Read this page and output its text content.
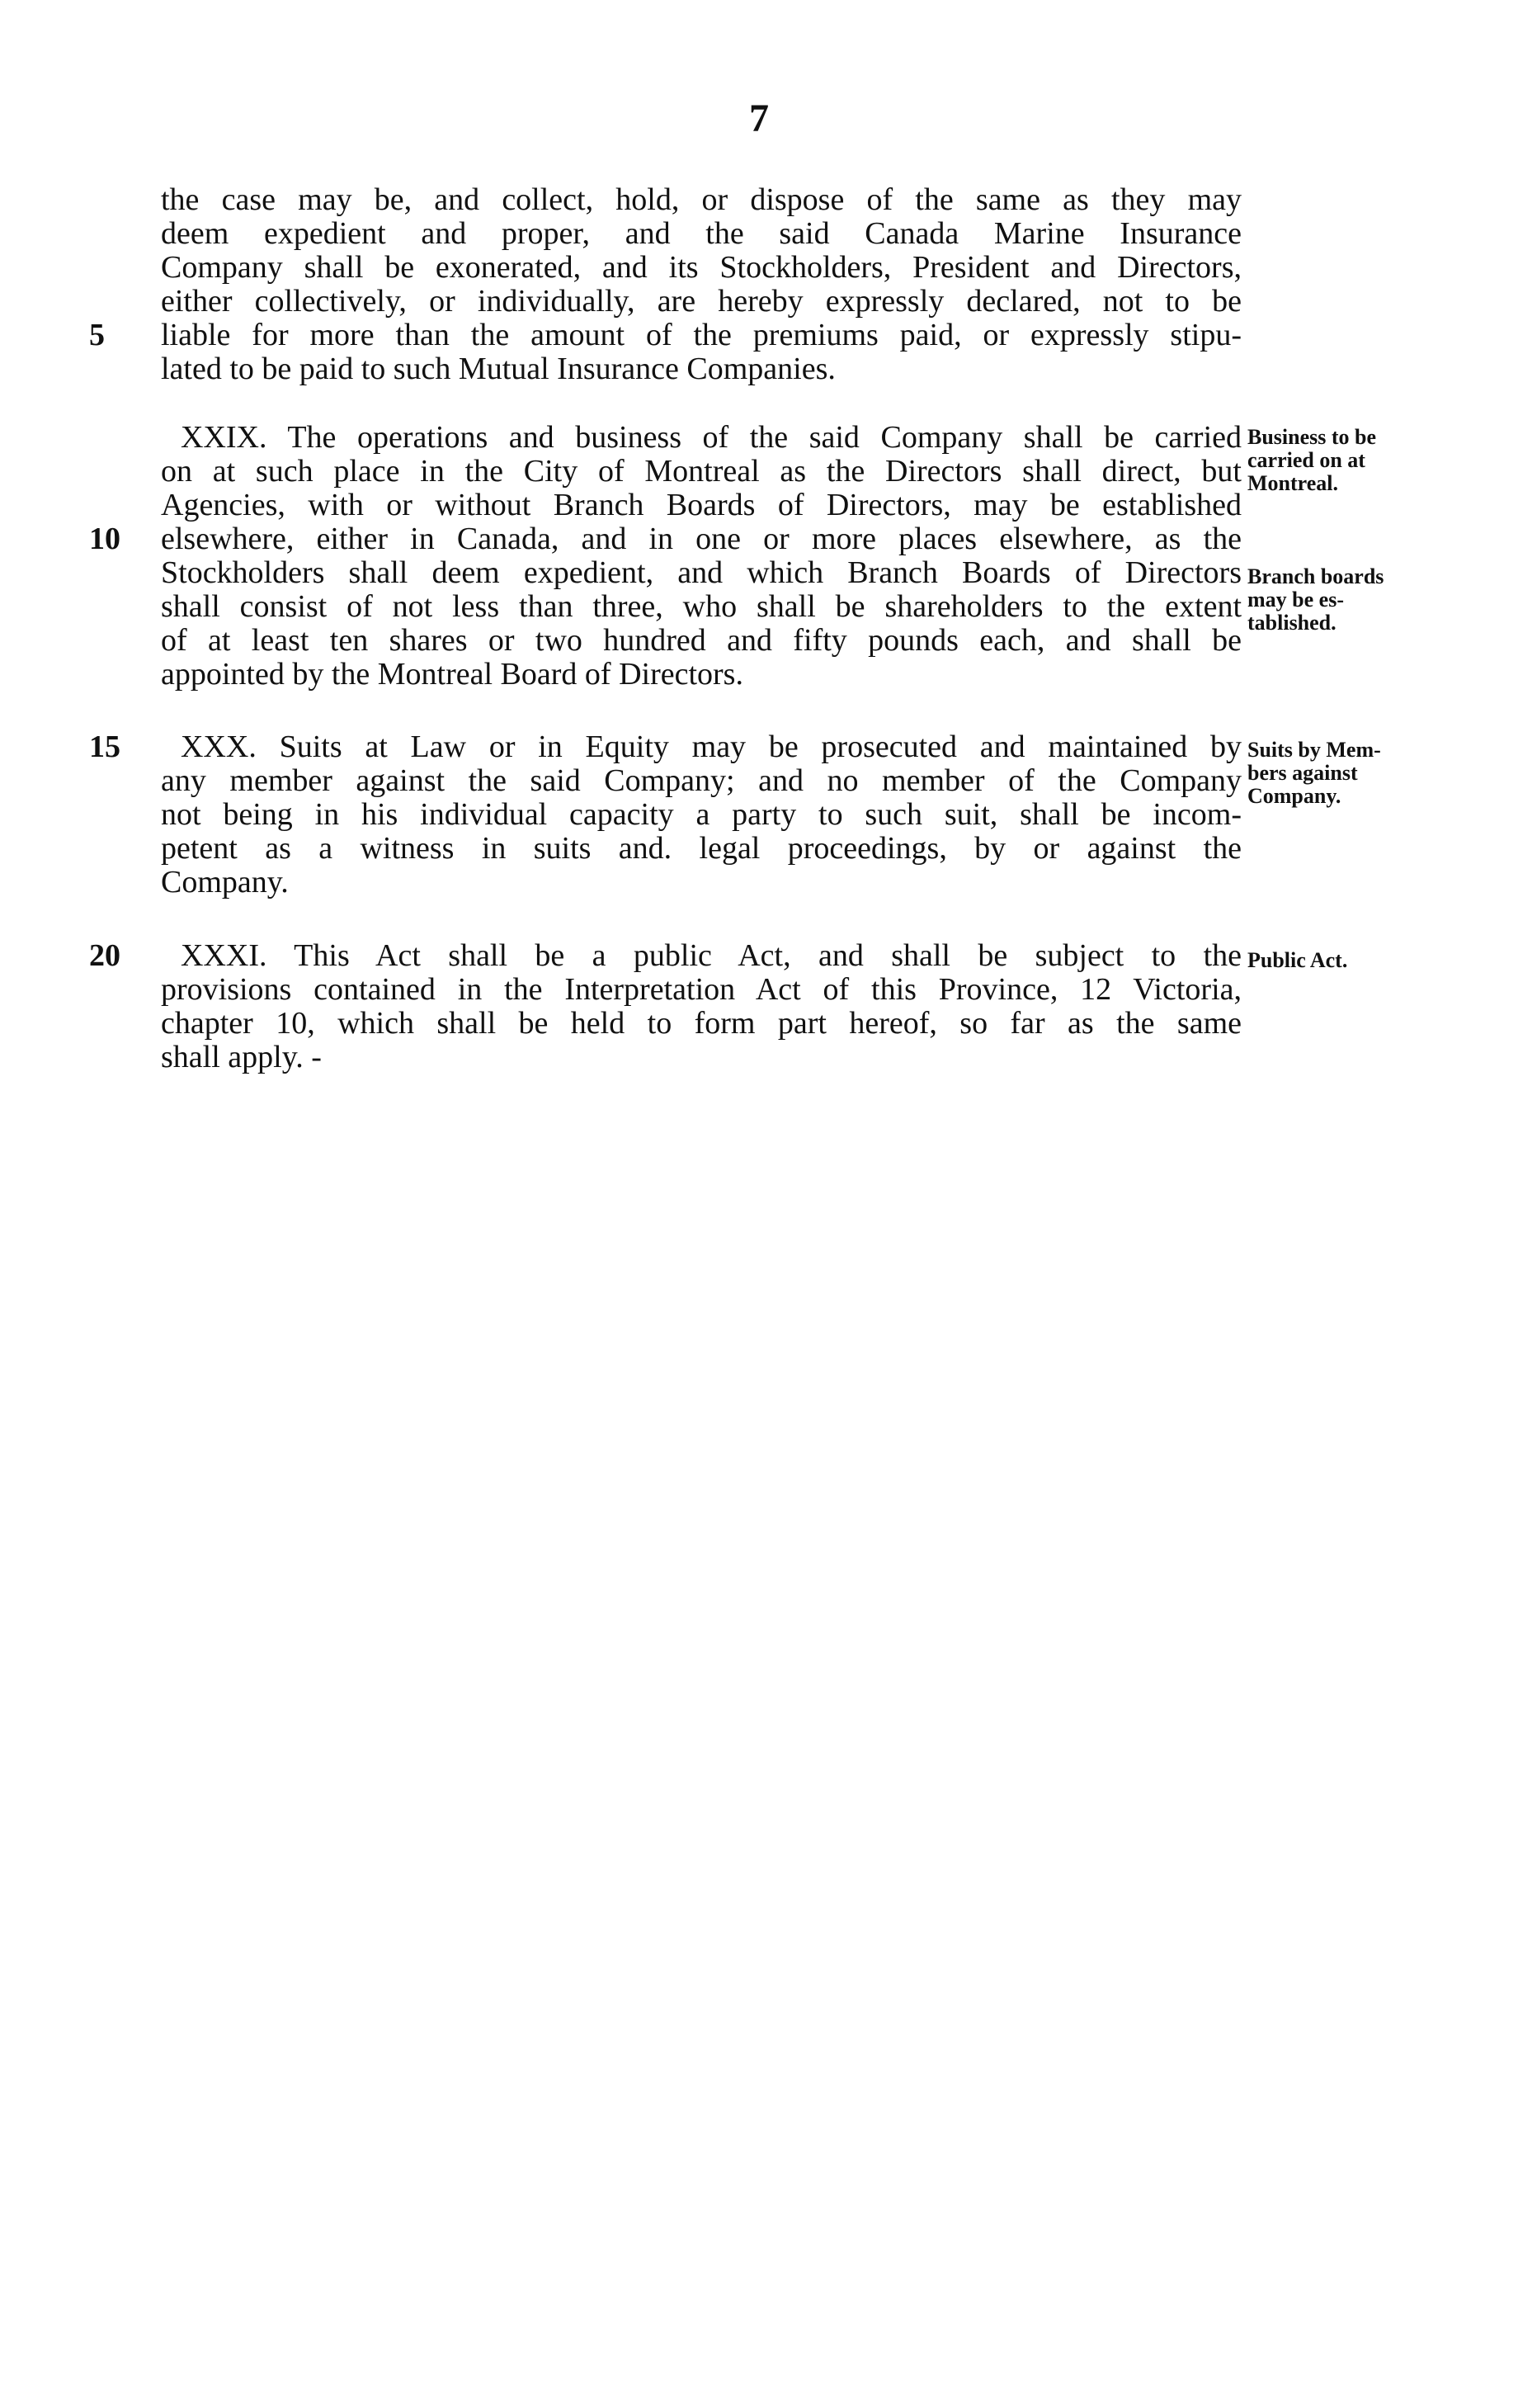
7
the case may be, and collect, hold, or dispose of the same as they may
deem expedient and proper, and the said Canada Marine Insurance
Company shall be exonerated, and its Stockholders, President and Directors,
either collectively, or individually, are hereby expressly declared, not to be
liable for more than the amount of the premiums paid, or expressly stipu-
lated to be paid to such Mutual Insurance Companies.
5
XXIX. The operations and business of the said Company shall be carried
on at such place in the City of Montreal as the Directors shall direct, but
Agencies, with or without Branch Boards of Directors, may be established
elsewhere, either in Canada, and in one or more places elsewhere, as the
Stockholders shall deem expedient, and which Branch Boards of Directors
shall consist of not less than three, who shall be shareholders to the extent
of at least ten shares or two hundred and fifty pounds each, and shall be
appointed by the Montreal Board of Directors.
10
Business to be
carried on at
Montreal.
Branch boards
may be es-
tablished.
XXX. Suits at Law or in Equity may be prosecuted and maintained by
any member against the said Company; and no member of the Company
not being in his individual capacity a party to such suit, shall be incom-
petent as a witness in suits and. legal proceedings, by or against the
Company.
15	Suits by Mem-
bers against
Company.
XXXI. This Act shall be a public Act, and shall be subject to the
provisions contained in the Interpretation Act of this Province, 12 Victoria,
chapter 10, which shall be held to form part hereof, so far as the same
shall apply. -
20	Public Act.
